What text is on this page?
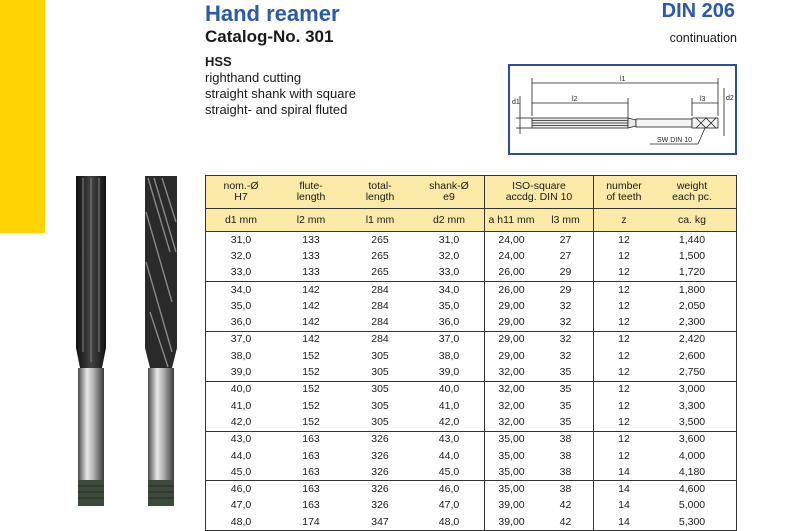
Hand reamer
Catalog-No. 301
DIN 206
continuation
HSS
righthand cutting
straight shank with square
straight- and spiral fluted
l1
l2	l3
d1
d2
SW DIN 10
nom.-Ø
H7
flute-
length
total-
length
shank-Ø
e9
ISO-square
accdg. DIN 10
number
of teeth
weight
each pc.
d1 mm	l2 mm	l1 mm	d2 mm	a h11 mm	l3 mm	z	ca. kg
31,0	133	265	31,0	24,00	27	12	1,440
32,0	133	265	32,0	24,00	27	12	1,500
33,0	133	265	33,0	26,00	29	12	1,720
34,0	142	284	34,0	26,00	29	12	1,800
35,0	142	284	35,0	29,00	32	12	2,050
36,0	142	284	36,0	29,00	32	12	2,300
37,0	142	284	37,0	29,00	32	12	2,420
38,0	152	305	38,0	29,00	32	12	2,600
39,0	152	305	39,0	32,00	35	12	2,750
40,0	152	305	40,0	32,00	35	12	3,000
41,0	152	305	41,0	32,00	35	12	3,300
42,0	152	305	42,0	32,00	35	12	3,500
43,0	163	326	43,0	35,00	38	12	3,600
44,0	163	326	44,0	35,00	38	12	4,000
45,0	163	326	45,0	35,00	38	14	4,180
46,0	163	326	46,0	35,00	38	14	4,600
47,0	163	326	47,0	39,00	42	14	5,000
48,0	174	347	48,0	39,00	42	14	5,300
